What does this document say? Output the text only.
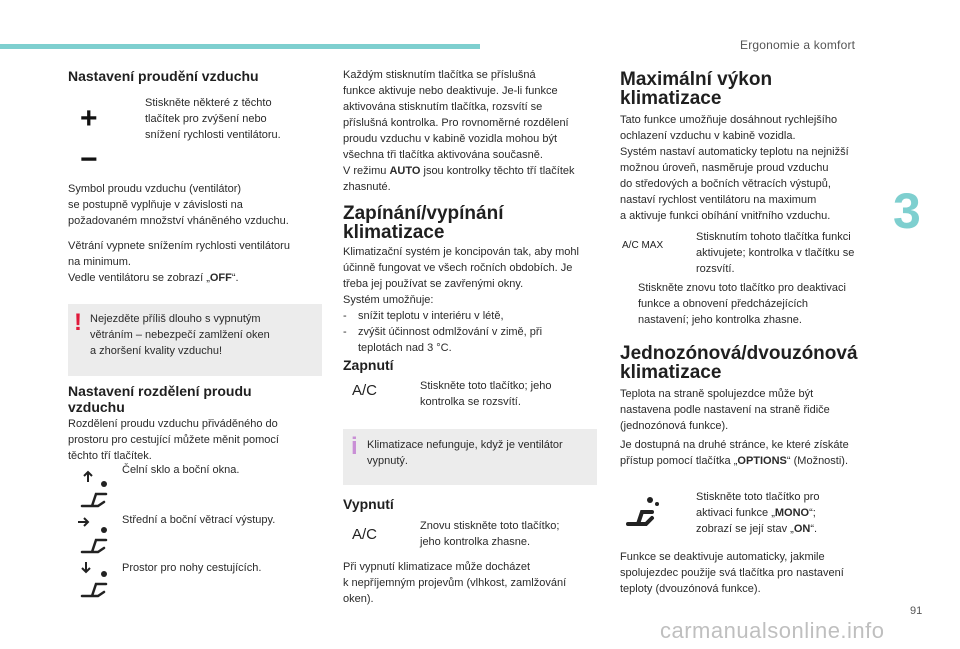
Ergonomie a komfort
3
Nastavení proudění vzduchu
+
−
Stiskněte některé z těchto
tlačítek pro zvýšení nebo
snížení rychlosti ventilátoru.
Symbol proudu vzduchu (ventilátor)
se postupně vyplňuje v závislosti na
požadovaném množství vháněného vzduchu.
Větrání vypnete snížením rychlosti ventilátoru
na minimum.
Vedle ventilátoru se zobrazí „OFF“.
! Nejezděte příliš dlouho s vypnutým
větráním – nebezpečí zamlžení oken
a zhoršení kvality vzduchu!
Nastavení rozdělení proudu
vzduchu
Rozdělení proudu vzduchu přiváděného do
prostoru pro cestující můžete měnit pomocí
těchto tří tlačítek.
Čelní sklo a boční okna.
Střední a boční větrací výstupy.
Prostor pro nohy cestujících.
Každým stisknutím tlačítka se příslušná
funkce aktivuje nebo deaktivuje. Je-li funkce
aktivována stisknutím tlačítka, rozsvítí se
příslušná kontrolka. Pro rovnoměrné rozdělení
proudu vzduchu v kabině vozidla mohou být
všechna tři tlačítka aktivována současně.
V režimu AUTO jsou kontrolky těchto tří tlačítek
zhasnuté.
Zapínání/vypínání
klimatizace
Klimatizační systém je koncipován tak, aby mohl
účinně fungovat ve všech ročních obdobích. Je
třeba jej používat se zavřenými okny.
Systém umožňuje:
- snížit teplotu v interiéru v létě,
- zvýšit účinnost odmlžování v zimě, při
teplotách nad 3 °C.
Zapnutí
A/C	Stiskněte toto tlačítko; jeho
kontrolka se rozsvítí.
i Klimatizace nefunguje, když je ventilátor
vypnutý.
Vypnutí
A/C	Znovu stiskněte toto tlačítko;
jeho kontrolka zhasne.
Při vypnutí klimatizace může docházet
k nepříjemným projevům (vlhkost, zamlžování
oken).
Maximální výkon
klimatizace
Tato funkce umožňuje dosáhnout rychlejšího
ochlazení vzduchu v kabině vozidla.
Systém nastaví automaticky teplotu na nejnižší
možnou úroveň, nasměruje proud vzduchu
do středových a bočních větracích výstupů,
nastaví rychlost ventilátoru na maximum
a aktivuje funkci obíhání vnitřního vzduchu.
A/C MAX
Stisknutím tohoto tlačítka funkci
aktivujete; kontrolka v tlačítku se
rozsvítí.
Stiskněte znovu toto tlačítko pro deaktivaci
funkce a obnovení předcházejících
nastavení; jeho kontrolka zhasne.
Jednozónová/dvouzónová
klimatizace
Teplota na straně spolujezdce může být
nastavena podle nastavení na straně řidiče
(jednozónová funkce).
Je dostupná na druhé stránce, ke které získáte
přístup pomocí tlačítka „OPTIONS“ (Možnosti).
Stiskněte toto tlačítko pro
aktivaci funkce „MONO“;
zobrazí se její stav „ON“.
Funkce se deaktivuje automaticky, jakmile
spolujezdec použije svá tlačítka pro nastavení
teploty (dvouzónová funkce).
91
carmanualsonline.info
